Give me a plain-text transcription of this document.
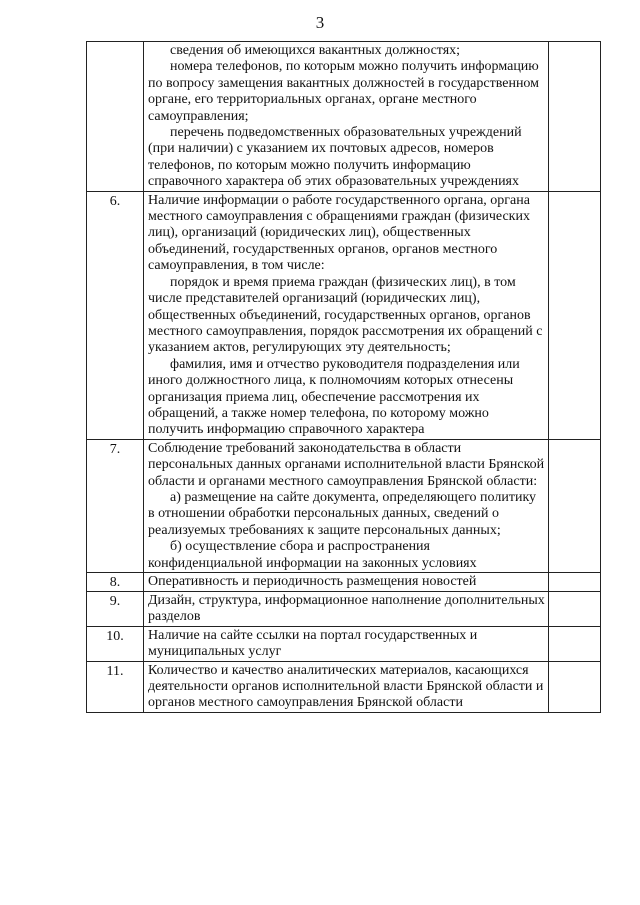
3

	сведения об имеющихся вакантных должностях;

номера телефонов, по которым можно получить информацию по вопросу замещения вакантных должностей в государственном органе, его территориальных органах, органе местного самоуправления;

перечень подведомственных образовательных учреждений (при наличии) с указанием их почтовых адресов, номеров телефонов, по которым можно получить информацию справочного характера об этих образовательных учреждениях	

6.	Наличие информации о работе государственного органа, органа местного самоуправления с обращениями граждан (физических лиц), организаций (юридических лиц), общественных объединений, государственных органов, органов местного самоуправления, в том числе:

порядок и время приема граждан (физических лиц), в том числе представителей организаций (юридических лиц), общественных объединений, государственных органов, органов местного самоуправления, порядок рассмотрения их обращений с указанием актов, регулирующих эту деятельность;

фамилия, имя и отчество руководителя подразделения или иного должностного лица, к полномочиям которых отнесены организация приема лиц, обеспечение рассмотрения их обращений, а также номер телефона, по которому можно получить информацию справочного характера	

7.	Соблюдение требований законодательства в области персональных данных органами исполнительной власти Брянской области и органами местного самоуправления Брянской области:

а) размещение на сайте документа, определяющего политику в отношении обработки персональных данных, сведений о реализуемых требованиях к защите персональных данных;

б) осуществление сбора и распространения конфиденциальной информации на законных условиях	

8.	Оперативность и периодичность размещения новостей	

9.	Дизайн, структура, информационное наполнение дополнительных разделов	

10.	Наличие на сайте ссылки на портал государственных и муниципальных услуг	

11.	Количество и качество аналитических материалов, касающихся деятельности органов исполнительной власти Брянской области и органов местного самоуправления Брянской области	
